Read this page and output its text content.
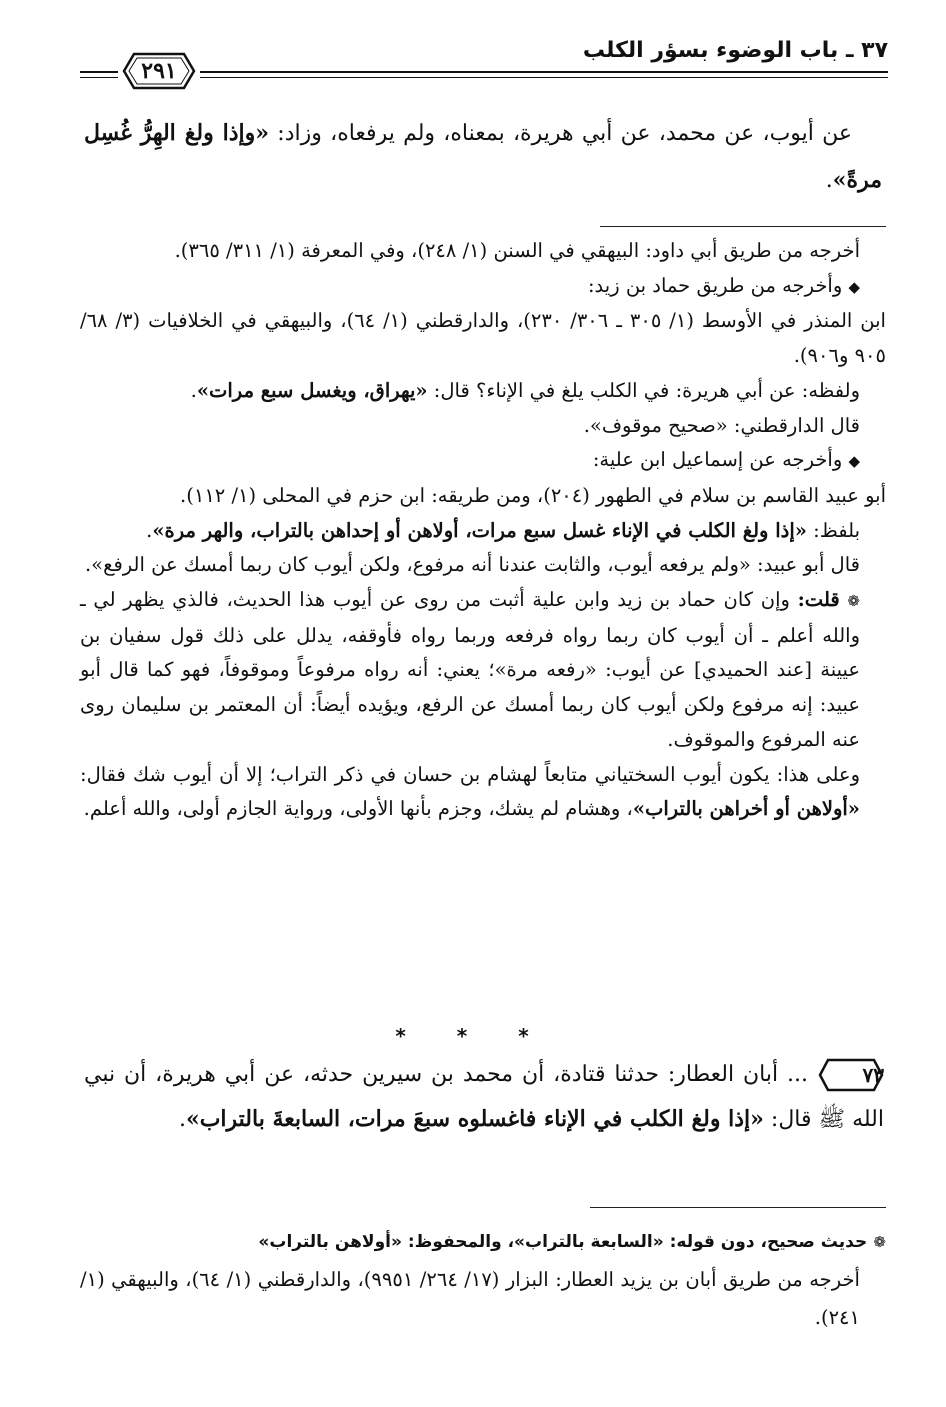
٣٧ ـ باب الوضوء بسؤر الكلب
٢٩١

عن أيوب، عن محمد، عن أبي هريرة، بمعناه، ولم يرفعاه، وزاد: «وإذا ولغ الهِرُّ غُسِل مرةً».

أخرجه من طريق أبي داود: البيهقي في السنن (١/ ٢٤٨)، وفي المعرفة (١/ ٣١١/ ٣٦٥).

◆ وأخرجه من طريق حماد بن زيد:

ابن المنذر في الأوسط (١/ ٣٠٥ ـ ٣٠٦/ ٢٣٠)، والدارقطني (١/ ٦٤)، والبيهقي في الخلافيات (٣/ ٦٨/ ٩٠٥ و٩٠٦).

ولفظه: عن أبي هريرة: في الكلب يلغ في الإناء؟ قال: «يهراق، ويغسل سبع مرات».

قال الدارقطني: «صحيح موقوف».

◆ وأخرجه عن إسماعيل ابن علية:

أبو عبيد القاسم بن سلام في الطهور (٢٠٤)، ومن طريقه: ابن حزم في المحلى (١/ ١١٢).

بلفظ: «إذا ولغ الكلب في الإناء غسل سبع مرات، أولاهن أو إحداهن بالتراب، والهر مرة».

قال أبو عبيد: «ولم يرفعه أيوب، والثابت عندنا أنه مرفوع، ولكن أيوب كان ربما أمسك عن الرفع».

❁ قلت: وإن كان حماد بن زيد وابن علية أثبت من روى عن أيوب هذا الحديث، فالذي يظهر لي ـ والله أعلم ـ أن أيوب كان ربما رواه فرفعه وربما رواه فأوقفه، يدلل على ذلك قول سفيان بن عيينة [عند الحميدي] عن أيوب: «رفعه مرة»؛ يعني: أنه رواه مرفوعاً وموقوفاً، فهو كما قال أبو عبيد: إنه مرفوع ولكن أيوب كان ربما أمسك عن الرفع، ويؤيده أيضاً: أن المعتمر بن سليمان روى عنه المرفوع والموقوف.

وعلى هذا: يكون أيوب السختياني متابعاً لهشام بن حسان في ذكر التراب؛ إلا أن أيوب شك فقال: «أولاهن أو أخراهن بالتراب»، وهشام لم يشك، وجزم بأنها الأولى، ورواية الجازم أولى، والله أعلم.

* * *

٧٣
... أبان العطار: حدثنا قتادة، أن محمد بن سيرين حدثه، عن أبي هريرة، أن نبي الله ﷺ قال: «إذا ولغ الكلب في الإناء فاغسلوه سبعَ مرات، السابعةَ بالتراب».

❁ حديث صحيح، دون قوله: «السابعة بالتراب»، والمحفوظ: «أولاهن بالتراب»

أخرجه من طريق أبان بن يزيد العطار: البزار (١٧/ ٢٦٤/ ٩٩٥١)، والدارقطني (١/ ٦٤)، والبيهقي (١/ ٢٤١).
